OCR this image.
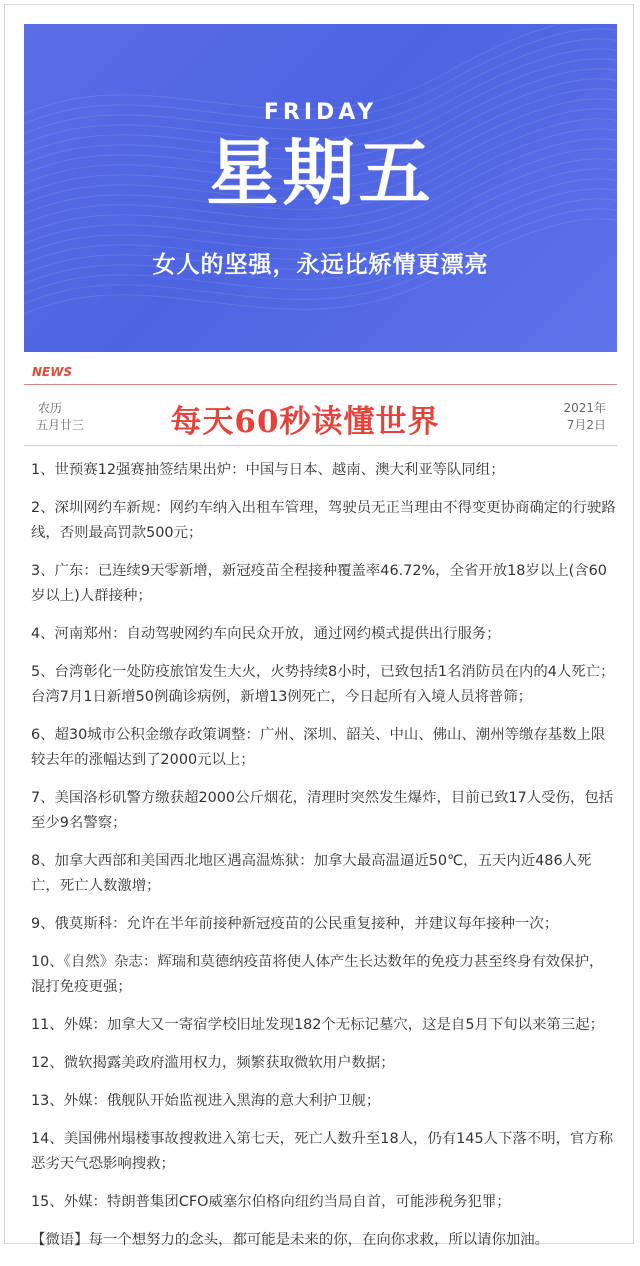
FRIDAY
星期五
女人的坚强，永远比矫情更漂亮
NEWS
农历
五月廿三	每天60秒读懂世界	2021年
7月2日

1、世预赛12强赛抽签结果出炉：中国与日本、越南、澳大利亚等队同组；

2、深圳网约车新规：网约车纳入出租车管理，驾驶员无正当理由不得变更协商确定的行驶路线，否则最高罚款500元；

3、广东：已连续9天零新增，新冠疫苗全程接种覆盖率46.72%，全省开放18岁以上(含60岁以上)人群接种；

4、河南郑州：自动驾驶网约车向民众开放，通过网约模式提供出行服务；

5、台湾彰化一处防疫旅馆发生大火，火势持续8小时，已致包括1名消防员在内的4人死亡；台湾7月1日新增50例确诊病例，新增13例死亡，今日起所有入境人员将普筛；

6、超30城市公积金缴存政策调整：广州、深圳、韶关、中山、佛山、潮州等缴存基数上限较去年的涨幅达到了2000元以上；

7、美国洛杉矶警方缴获超2000公斤烟花，清理时突然发生爆炸，目前已致17人受伤，包括至少9名警察；

8、加拿大西部和美国西北地区遇高温炼狱：加拿大最高温逼近50℃，五天内近486人死亡，死亡人数激增；

9、俄莫斯科：允许在半年前接种新冠疫苗的公民重复接种，并建议每年接种一次；

10、《自然》杂志：辉瑞和莫德纳疫苗将使人体产生长达数年的免疫力甚至终身有效保护，混打免疫更强；

11、外媒：加拿大又一寄宿学校旧址发现182个无标记墓穴，这是自5月下旬以来第三起；

12、微软揭露美政府滥用权力，频繁获取微软用户数据；

13、外媒：俄舰队开始监视进入黑海的意大利护卫舰；

14、美国佛州塌楼事故搜救进入第七天，死亡人数升至18人，仍有145人下落不明，官方称恶劣天气恐影响搜救；

15、外媒：特朗普集团CFO威塞尔伯格向纽约当局自首，可能涉税务犯罪；

【微语】每一个想努力的念头，都可能是未来的你，在向你求救，所以请你加油。
